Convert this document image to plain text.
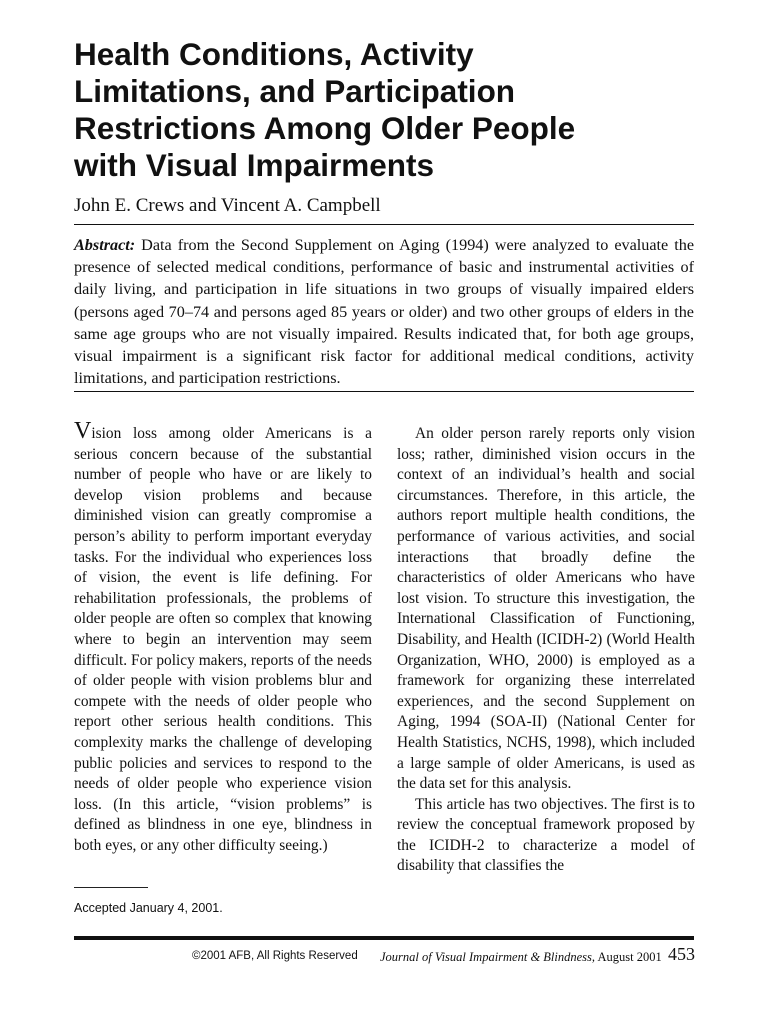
Health Conditions, Activity
Limitations, and Participation
Restrictions Among Older People
with Visual Impairments
John E. Crews and Vincent A. Campbell

Abstract: Data from the Second Supplement on Aging (1994) were analyzed to evaluate the presence of selected medical conditions, performance of basic and instrumental activities of daily living, and participation in life situations in two groups of visually impaired elders (persons aged 70–74 and persons aged 85 years or older) and two other groups of elders in the same age groups who are not visually impaired. Results indicated that, for both age groups, visual impairment is a significant risk factor for additional medical conditions, activity limitations, and participation restrictions.

Vision loss among older Americans is a serious concern because of the substantial number of people who have or are likely to develop vision problems and because diminished vision can greatly compromise a person’s ability to perform important everyday tasks. For the individual who experiences loss of vision, the event is life defining. For rehabilitation professionals, the problems of older people are often so complex that knowing where to begin an intervention may seem difficult. For policy makers, reports of the needs of older people with vision problems blur and compete with the needs of older people who report other serious health conditions. This complexity marks the challenge of developing public policies and services to respond to the needs of older people who experience vision loss. (In this article, “vision problems” is defined as blindness in one eye, blindness in both eyes, or any other difficulty seeing.)

An older person rarely reports only vision loss; rather, diminished vision occurs in the context of an individual’s health and social circumstances. Therefore, in this article, the authors report multiple health conditions, the performance of various activities, and social interactions that broadly define the characteristics of older Americans who have lost vision. To structure this investigation, the International Classification of Functioning, Disability, and Health (ICIDH-2) (World Health Organization, WHO, 2000) is employed as a framework for organizing these interrelated experiences, and the second Supplement on Aging, 1994 (SOA-II) (National Center for Health Statistics, NCHS, 1998), which included a large sample of older Americans, is used as the data set for this analysis.

This article has two objectives. The first is to review the conceptual framework proposed by the ICIDH-2 to characterize a model of disability that classifies the

Accepted January 4, 2001.
©2001 AFB, All Rights Reserved Journal of Visual Impairment & Blindness, August 2001 453
